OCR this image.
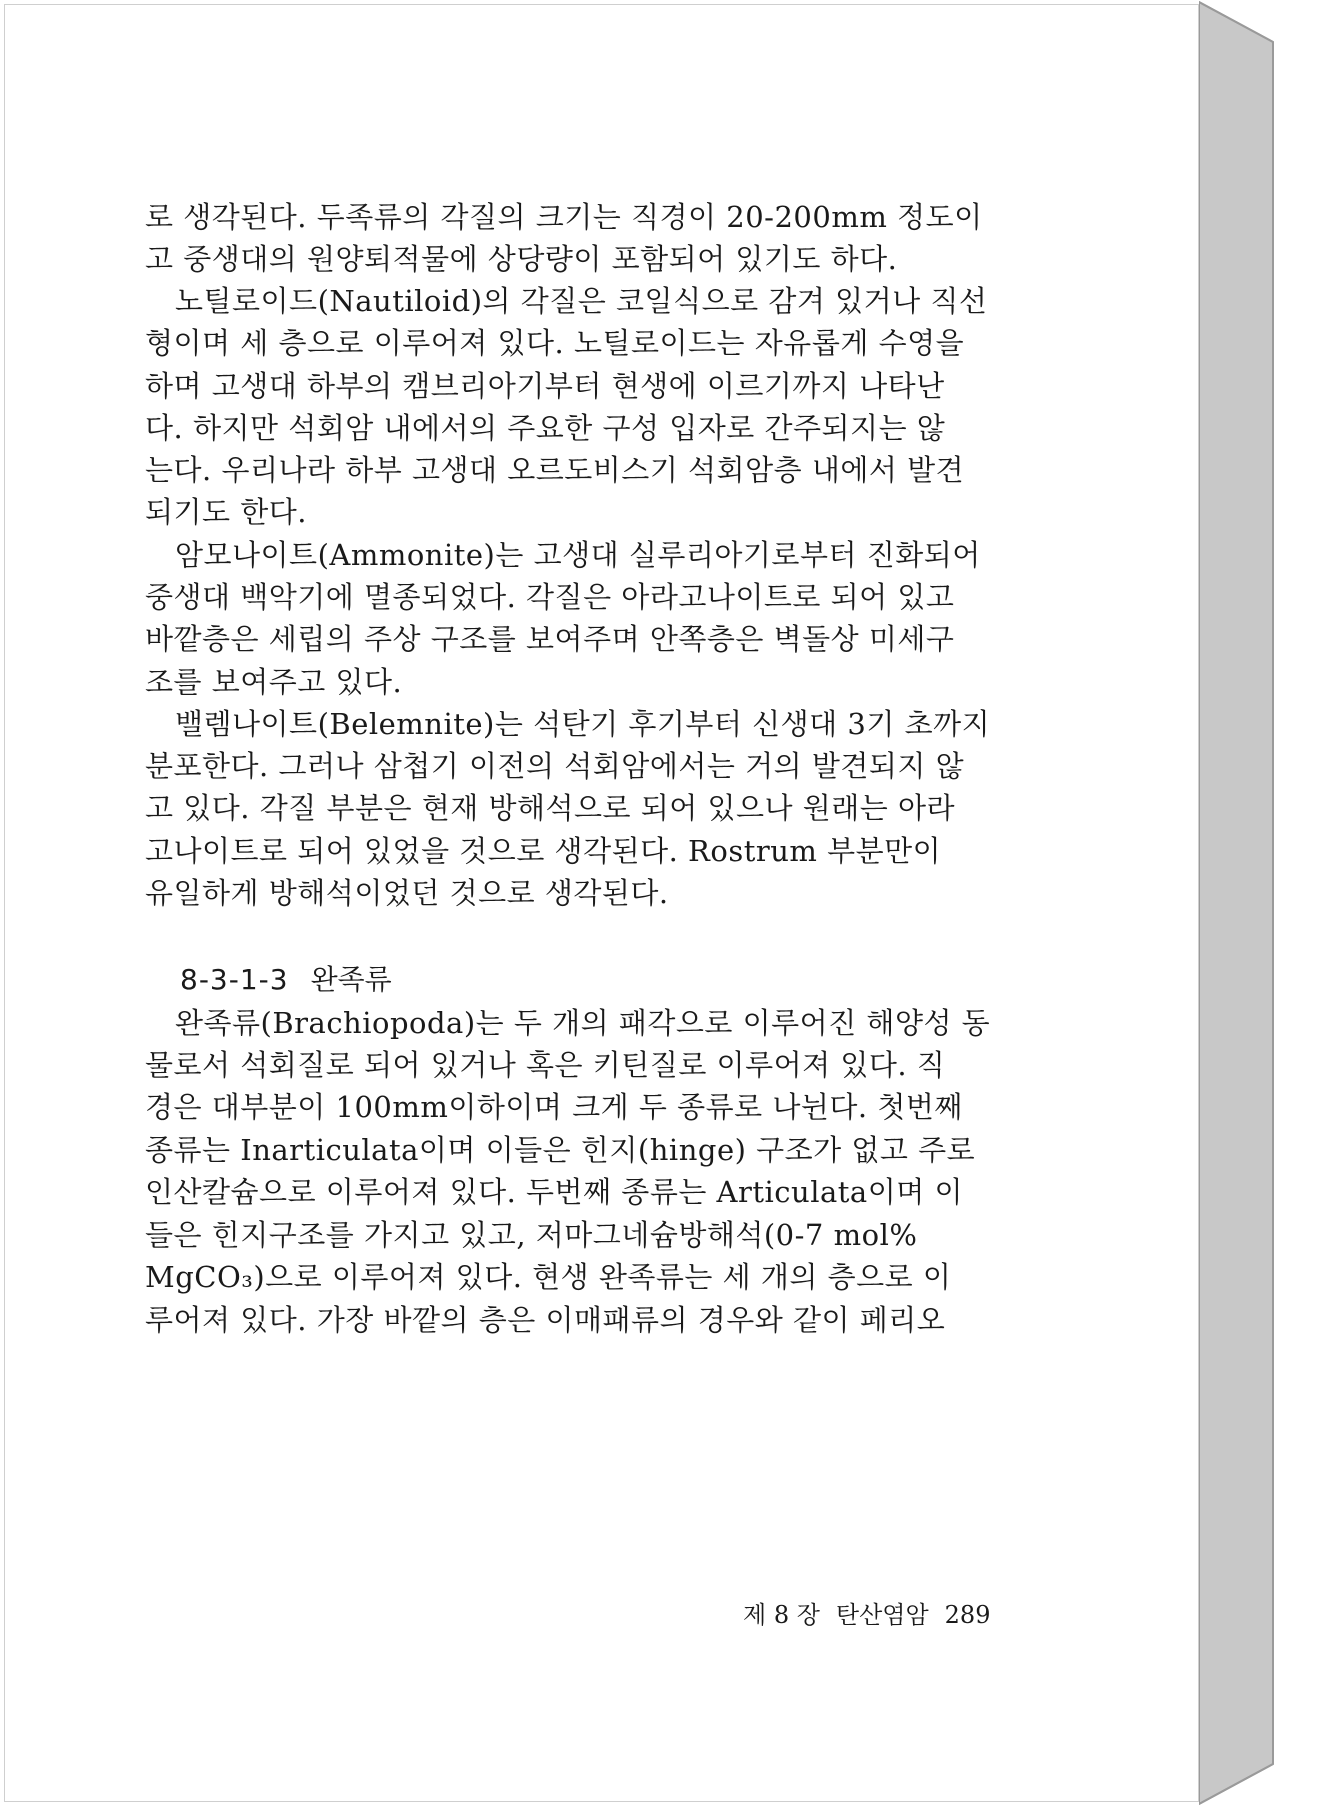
로 생각된다. 두족류의 각질의 크기는 직경이 20-200mm 정도이
고 중생대의 원양퇴적물에 상당량이 포함되어 있기도 하다.
노틸로이드(Nautiloid)의 각질은 코일식으로 감겨 있거나 직선
형이며 세 층으로 이루어져 있다. 노틸로이드는 자유롭게 수영을
하며 고생대 하부의 캠브리아기부터 현생에 이르기까지 나타난
다. 하지만 석회암 내에서의 주요한 구성 입자로 간주되지는 않
는다. 우리나라 하부 고생대 오르도비스기 석회암층 내에서 발견
되기도 한다.
암모나이트(Ammonite)는 고생대 실루리아기로부터 진화되어
중생대 백악기에 멸종되었다. 각질은 아라고나이트로 되어 있고
바깥층은 세립의 주상 구조를 보여주며 안쪽층은 벽돌상 미세구
조를 보여주고 있다.
밸렘나이트(Belemnite)는 석탄기 후기부터 신생대 3기 초까지
분포한다. 그러나 삼첩기 이전의 석회암에서는 거의 발견되지 않
고 있다. 각질 부분은 현재 방해석으로 되어 있으나 원래는 아라
고나이트로 되어 있었을 것으로 생각된다. Rostrum 부분만이
유일하게 방해석이었던 것으로 생각된다.
8-3-1-3 완족류
완족류(Brachiopoda)는 두 개의 패각으로 이루어진 해양성 동
물로서 석회질로 되어 있거나 혹은 키틴질로 이루어져 있다. 직
경은 대부분이 100mm이하이며 크게 두 종류로 나뉜다. 첫번째
종류는 Inarticulata이며 이들은 힌지(hinge) 구조가 없고 주로
인산칼슘으로 이루어져 있다. 두번째 종류는 Articulata이며 이
들은 힌지구조를 가지고 있고, 저마그네슘방해석(0-7 mol%
MgCO₃)으로 이루어져 있다. 현생 완족류는 세 개의 층으로 이
루어져 있다. 가장 바깥의 층은 이매패류의 경우와 같이 페리오
제 8 장 탄산염암 289
